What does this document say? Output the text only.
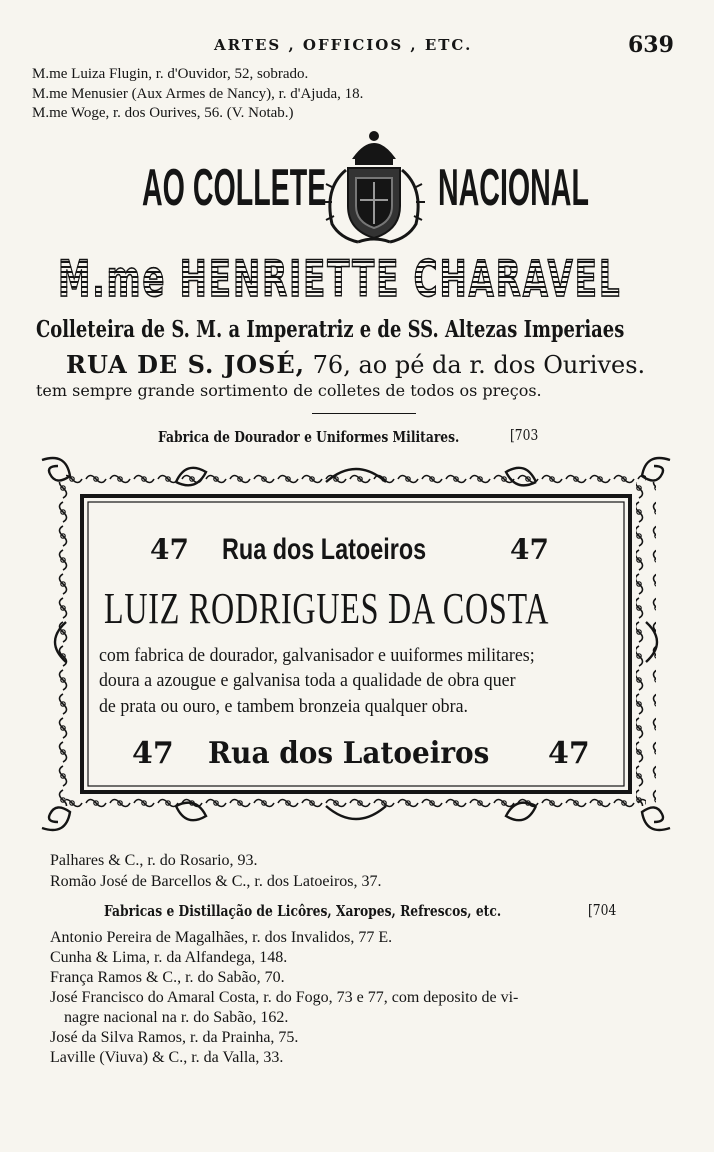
ARTES , OFFICIOS , ETC.	639
M.me Luiza Flugin, r. d'Ouvidor, 52, sobrado.
M.me Menusier (Aux Armes de Nancy), r. d'Ajuda, 18.
M.me Woge, r. dos Ourives, 56. (V. Notab.)
AO COLLETE NACIONAL
M.me HENRIETTE CHARAVEL
Colleteira de S. M. a Imperatriz e de SS. Altezas Imperiaes
RUA DE S. JOSÉ, 76, ao pé da r. dos Ourives.
tem sempre grande sortimento de colletes de todos os preços.
Fabrica de Dourador e Uniformes Militares.	[703
47 Rua dos Latoeiros	47
LUIZ RODRIGUES DA COSTA
com fabrica de dourador, galvanisador e uuiformes militares;
doura a azougue e galvanisa toda a qualidade de obra quer
de prata ou ouro, e tambem bronzeia qualquer obra.
47 Rua dos Latoeiros 47
Palhares & C., r. do Rosario, 93.
Romão José de Barcellos & C., r. dos Latoeiros, 37.
Fabricas e Distillação de Licôres, Xaropes, Refrescos, etc.	[704
Antonio Pereira de Magalhães, r. dos Invalidos, 77 E.
Cunha & Lima, r. da Alfandega, 148.
França Ramos & C., r. do Sabão, 70.
José Francisco do Amaral Costa, r. do Fogo, 73 e 77, com deposito de vi-
nagre nacional na r. do Sabão, 162.
José da Silva Ramos, r. da Prainha, 75.
Laville (Viuva) & C., r. da Valla, 33.
